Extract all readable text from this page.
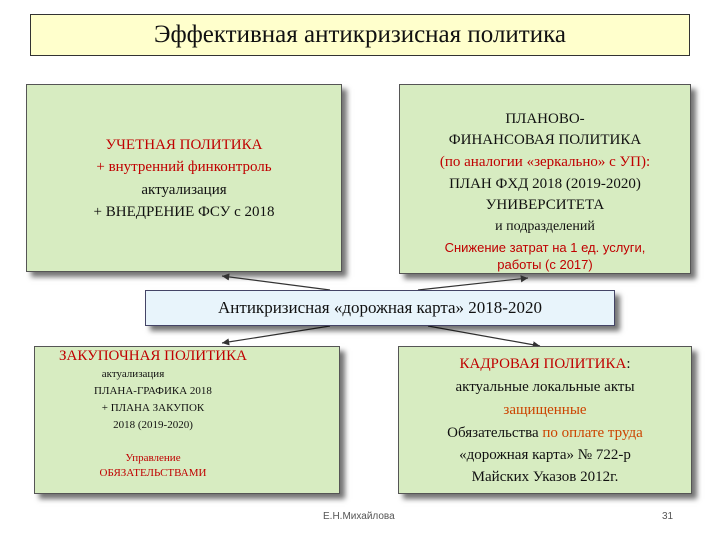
Эффективная антикризисная политика
УЧЕТНАЯ ПОЛИТИКА
+ внутренний финконтроль
актуализация
+ ВНЕДРЕНИЕ ФСУ с 2018
ПЛАНОВО-
ФИНАНСОВАЯ ПОЛИТИКА
(по аналогии «зеркально» с УП):
ПЛАН ФХД 2018 (2019-2020)
УНИВЕРСИТЕТА
и подразделений
Снижение затрат на 1 ед. услуги,
работы (с 2017)
Антикризисная «дорожная карта» 2018-2020
ЗАКУПОЧНАЯ ПОЛИТИКА
актуализация
ПЛАНА-ГРАФИКА 2018
+ ПЛАНА ЗАКУПОК
2018 (2019-2020)
Управление
ОБЯЗАТЕЛЬСТВАМИ
КАДРОВАЯ ПОЛИТИКА:
актуальные локальные акты
защищенные
Обязательства по оплате труда
«дорожная карта» № 722-р
Майских Указов 2012г.
Е.Н.Михайлова	31
